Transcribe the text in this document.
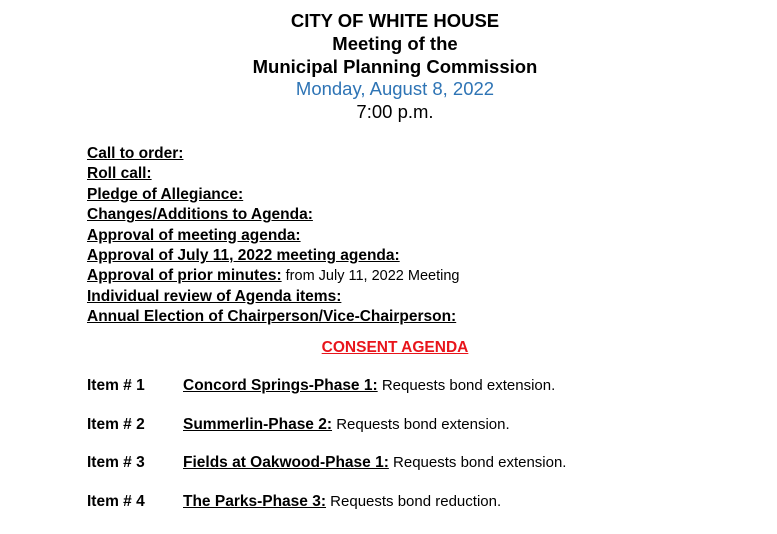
CITY OF WHITE HOUSE
Meeting of the
Municipal Planning Commission
Monday, August 8, 2022
7:00 p.m.
Call to order:
Roll call:
Pledge of Allegiance:
Changes/Additions to Agenda:
Approval of meeting agenda:
Approval of July 11, 2022 meeting agenda:
Approval of prior minutes: from July 11, 2022 Meeting
Individual review of Agenda items:
Annual Election of Chairperson/Vice-Chairperson:
CONSENT AGENDA
Item # 1 Concord Springs-Phase 1: Requests bond extension.
Item # 2 Summerlin-Phase 2: Requests bond extension.
Item # 3 Fields at Oakwood-Phase 1: Requests bond extension.
Item # 4 The Parks-Phase 3: Requests bond reduction.
